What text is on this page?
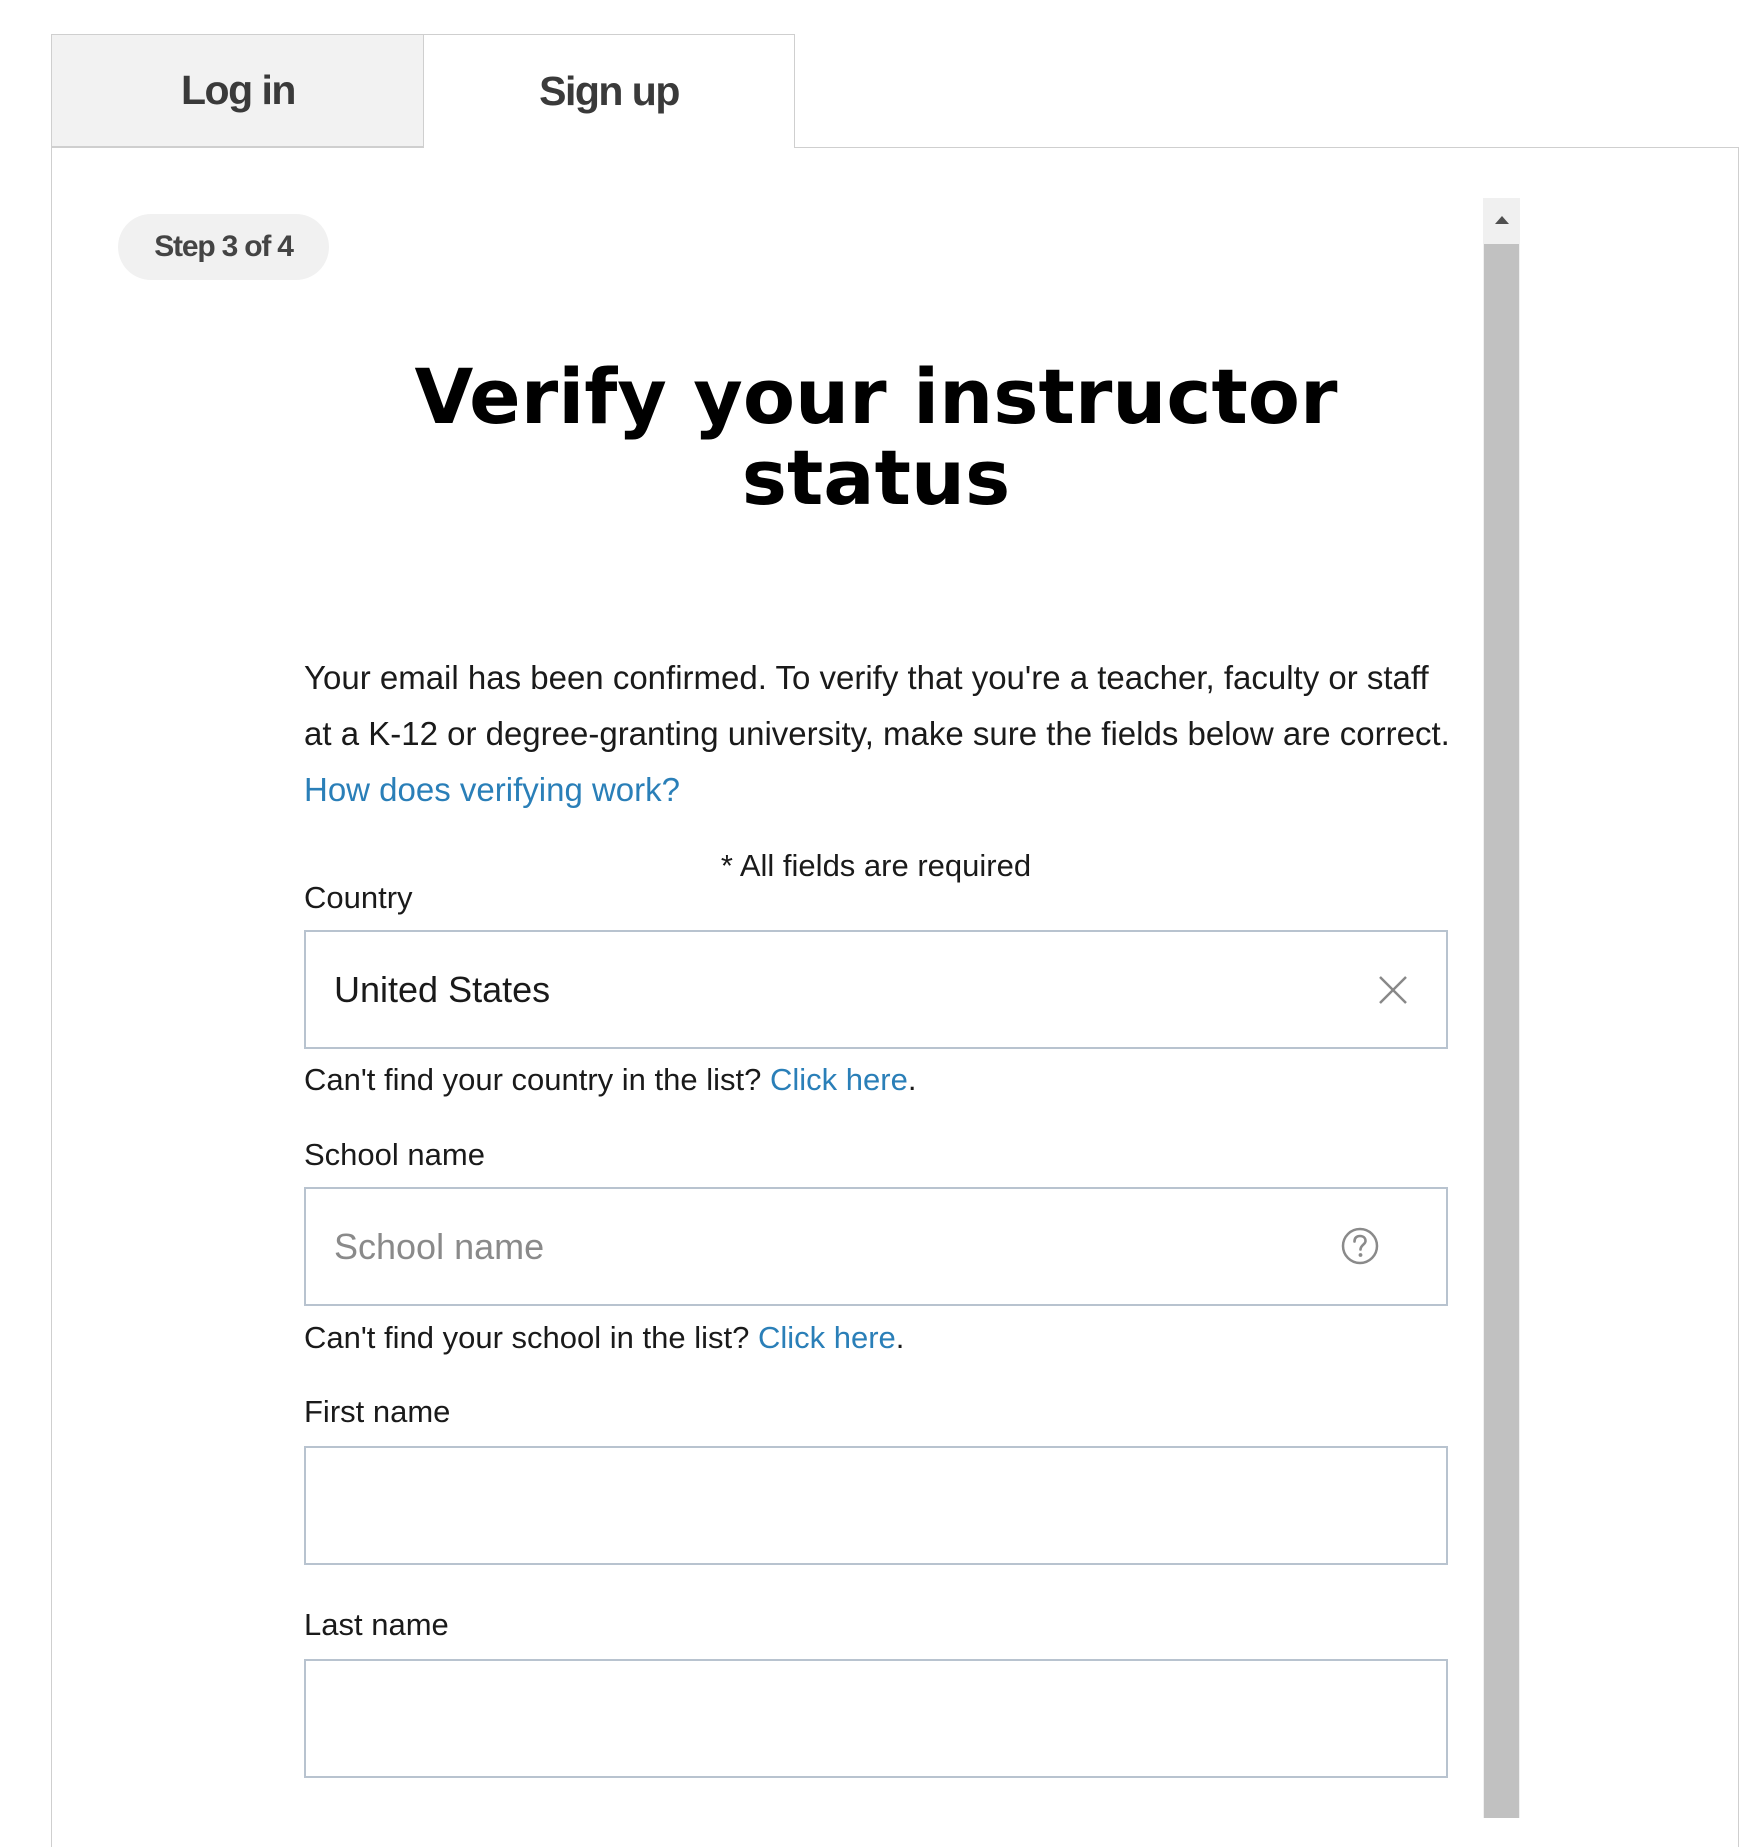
Log in	Sign up
Step 3 of 4
Verify your instructor status

Your email has been confirmed. To verify that you're a teacher, faculty or staff at a K-12 or degree-granting university, make sure the fields below are correct. How does verifying work?

* All fields are required
Country
United States
Can't find your country in the list? Click here.
School name
School name
Can't find your school in the list? Click here.
First name
Last name
